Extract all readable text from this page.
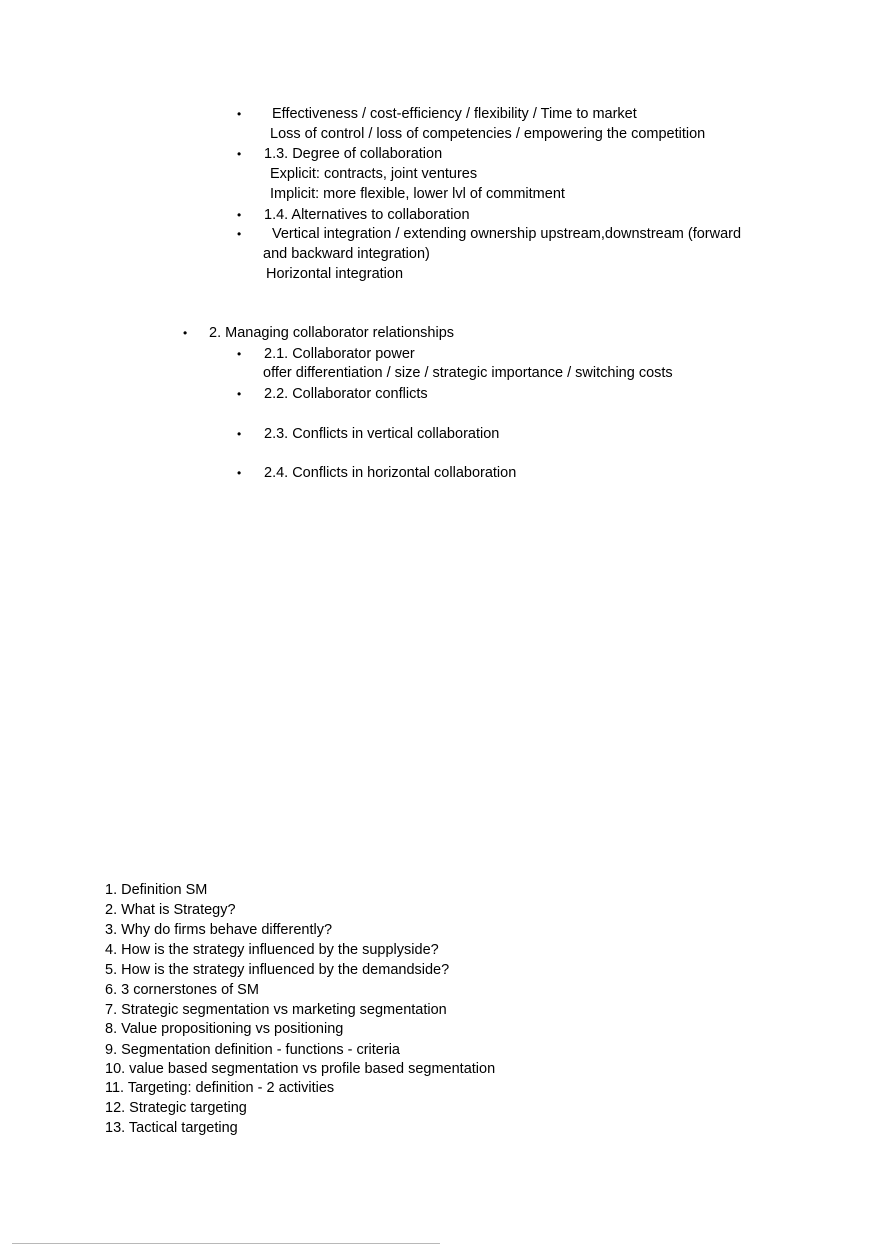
•
•
•
•
•
•
•
•
•
Effectiveness / cost-efﬁciency / flexibility / Time to market
Loss of control / loss of competencies / empowering the competition
1.3. Degree of collaboration
Explicit: contracts, joint ventures
Implicit: more flexible, lower lvl of commitment
1.4. Alternatives to collaboration
Vertical integration / extending ownership upstream,downstream (forward
and backward integration)
Horizontal integration
2. Managing collaborator relationships
2.1. Collaborator power
offer differentiation / size / strategic importance / switching costs
2.2. Collaborator conflicts
2.3. Conflicts in vertical collaboration
2.4. Conflicts in horizontal collaboration
1. Definition SM
2. What is Strategy?
3. Why do firms behave differently?
4. How is the strategy influenced by the supplyside?
5. How is the strategy influenced by the demandside?
6. 3 cornerstones of SM
7. Strategic segmentation vs marketing segmentation
8. Value propositioning vs positioning
9. Segmentation definition - functions - criteria
10. value based segmentation vs profile based segmentation
11. Targeting: definition - 2 activities
12. Strategic targeting
13. Tactical targeting
